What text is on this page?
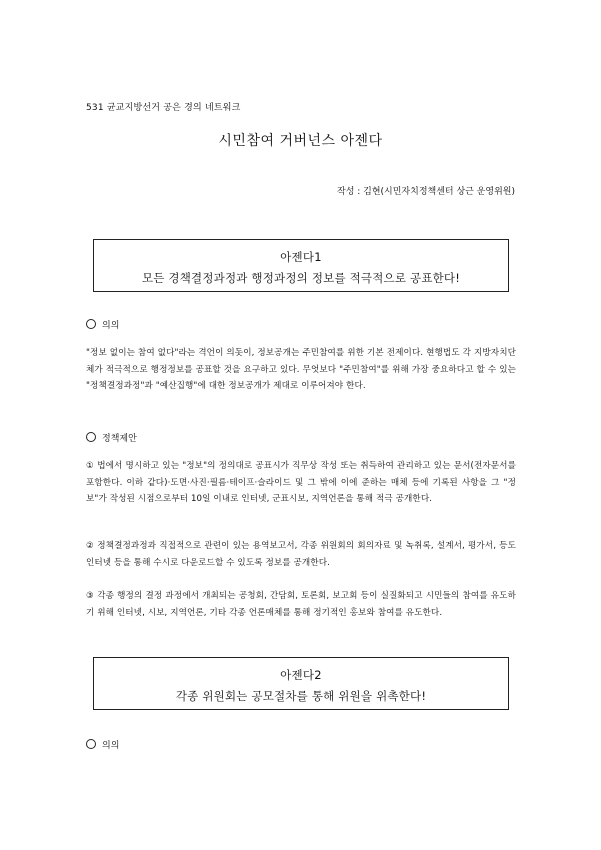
531 균교지방선거 공은 경의 네트워크
시민참여 거버넌스 아젠다
작성 : 김현(시민자치정책센터 상근 운영위원)
아젠다1
모든 경책결정과정과 행정과정의 정보를 적극적으로 공표한다!
의의
"정보 없이는 참여 없다"라는 격언이 의돗이, 정보공개는 주민참여를 위한 기본 전제이다. 현행법도 각 지방자치단체가 적극적으로 행정정보를 공표할 것을 요구하고 있다. 무엇보다 "주민참여"를 위해 가장 중요하다고 할 수 있는 "정책결정과정"과 "예산집행"에 대한 정보공개가 제대로 이루어져야 한다.
정책제안
① 법에서 명시하고 있는 "정보"의 정의대로 공표시가 직무상 작성 또는 취득하여 관리하고 있는 문서(전자문서를 포함한다. 이하 같다)·도면·사진·필름·테이프·슬라이드 및 그 밖에 이에 준하는 매체 등에 기록된 사항을 그 "정보"가 작성된 시점으로부터 10일 이내로 인터넷, 군표시보, 지역언론을 통해 적극 공개한다.
② 정책결정과정과 직접적으로 관련이 있는 용역보고서, 각종 위원회의 회의자료 및 녹취록, 설계서, 평가서, 등도 인터넷 등을 통해 수시로 다운로드할 수 있도록 정보를 공개한다.
③ 각종 행정의 결정 과정에서 개최되는 공청회, 간담회, 토론회, 보고회 등이 실질화되고 시민들의 참여를 유도하기 위해 인터넷, 시보, 지역언론, 기타 각종 언론매체를 통해 정기적인 홍보와 참여를 유도한다.
아젠다2
각종 위원회는 공모절차를 통해 위원을 위촉한다!
의의
